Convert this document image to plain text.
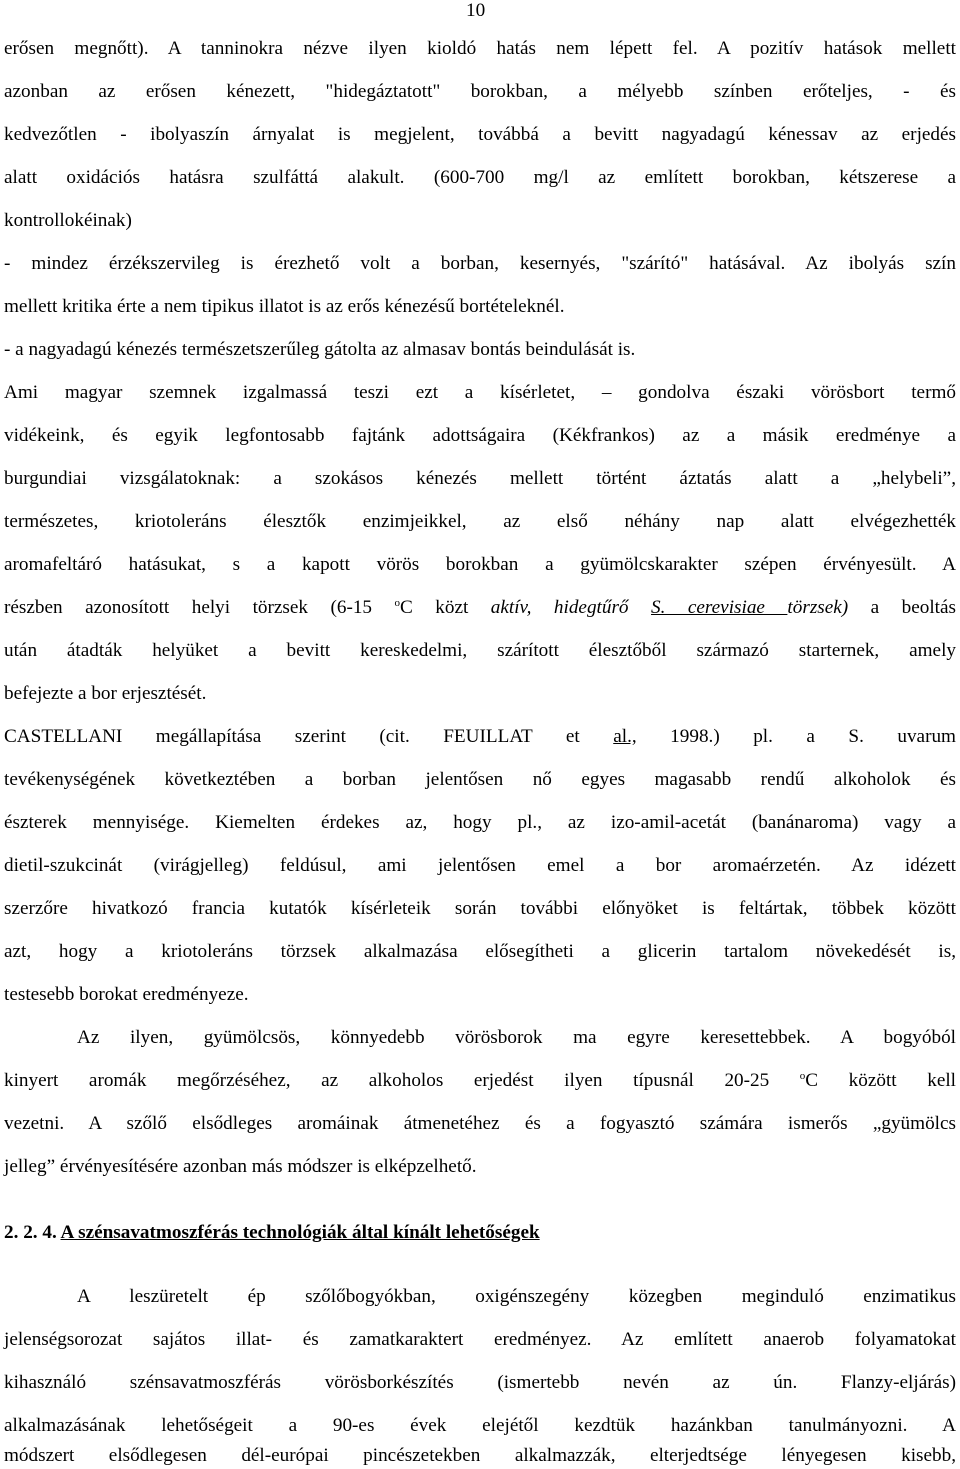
10
erősen megnőtt). A tanninokra nézve ilyen kioldó hatás nem lépett fel. A pozitív hatások mellett
azonban az erősen kénezett, "hidegáztatott" borokban, a mélyebb színben erőteljes, - és
kedvezőtlen - ibolyaszín árnyalat is megjelent, továbbá a bevitt nagyadagú kénessav az erjedés
alatt oxidációs hatásra szulfáttá alakult. (600-700 mg/l az említett borokban, kétszerese a
kontrollokéinak)
- mindez érzékszervileg is érezhető volt a borban, kesernyés, "szárító" hatásával. Az ibolyás szín
mellett kritika érte a nem tipikus illatot is az erős kénezésű bortételeknél.
- a nagyadagú kénezés természetszerűleg gátolta az almasav bontás beindulását is.
Ami magyar szemnek izgalmassá teszi ezt a kísérletet, – gondolva északi vörösbort termő
vidékeink, és egyik legfontosabb fajtánk adottságaira (Kékfrankos) az a másik eredménye a
burgundiai vizsgálatoknak: a szokásos kénezés mellett történt áztatás alatt a „helybeli”,
természetes, kriotoleráns élesztők enzimjeikkel, az első néhány nap alatt elvégezhették
aromafeltáró hatásukat, s a kapott vörös borokban a gyümölcskarakter szépen érvényesült. A
részben azonosított helyi törzsek (6-15 $^o$C közt aktív, hidegtűrő S. cerevisiae törzsek) a beoltás
után átadták helyüket a bevitt kereskedelmi, szárított élesztőből származó starternek, amely
befejezte a bor erjesztését.
CASTELLANI megállapítása szerint (cit. FEUILLAT et al., 1998.) pl. a S. uvarum
tevékenységének következtében a borban jelentősen nő egyes magasabb rendű alkoholok és
észterek mennyisége. Kiemelten érdekes az, hogy pl., az izo-amil-acetát (banánaroma) vagy a
dietil-szukcinát (virágjelleg) feldúsul, ami jelentősen emel a bor aromaérzetén. Az idézett
szerzőre hivatkozó francia kutatók kísérleteik során további előnyöket is feltártak, többek között
azt, hogy a kriotoleráns törzsek alkalmazása elősegítheti a glicerin tartalom növekedését is,
testesebb borokat eredményeze.
Az ilyen, gyümölcsös, könnyedebb vörösborok ma egyre keresettebbek. A bogyóból
kinyert aromák megőrzéséhez, az alkoholos erjedést ilyen típusnál 20-25 $^o$C között kell
vezetni. A szőlő elsődleges aromáinak átmenetéhez és a fogyasztó számára ismerős „gyümölcs
jelleg” érvényesítésére azonban más módszer is elképzelhető.
2. 2. 4. A szénsavatmoszférás technológiák által kínált lehetőségek
A leszüretelt ép szőlőbogyókban, oxigénszegény közegben meginduló enzimatikus
jelenségsorozat sajátos illat- és zamatkaraktert eredményez. Az említett anaerob folyamatokat
kihasználó szénsavatmoszférás vörösborkészítés (ismertebb nevén az ún. Flanzy-eljárás)
alkalmazásának lehetőségeit a 90-es évek elejétől kezdtük hazánkban tanulmányozni. A
módszert elsődlegesen dél-európai pincészetekben alkalmazzák, elterjedtsége lényegesen kisebb,
